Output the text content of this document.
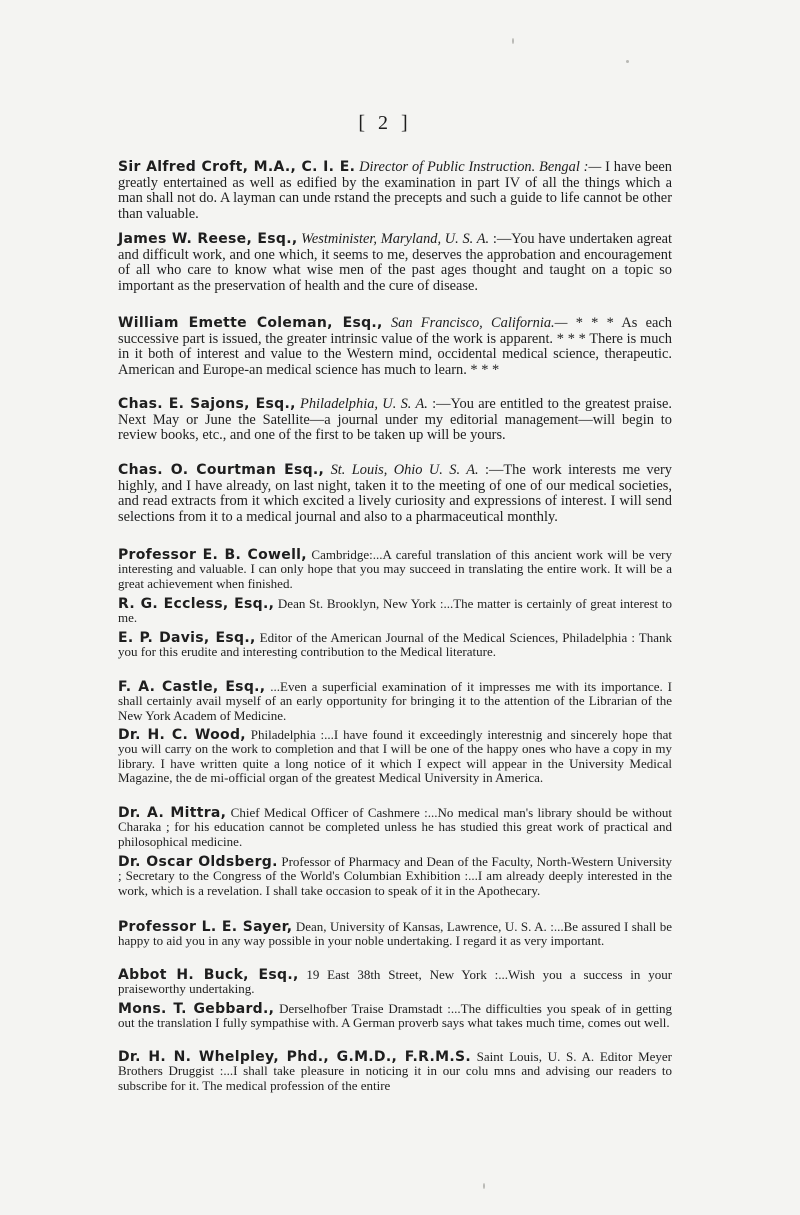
[ 2 ]
Sir Alfred Croft, M.A., C. I. E. Director of Public Instruction. Bengal :— I have been greatly entertained as well as edified by the examination in part IV of all the things which a man shall not do. A layman can unde rstand the precepts and such a guide to life cannot be other than valuable.
James W. Reese, Esq., Westminister, Maryland, U. S. A. :—You have undertaken agreat and difficult work, and one which, it seems to me, deserves the approbation and encouragement of all who care to know what wise men of the past ages thought and taught on a topic so important as the preservation of health and the cure of disease.
William Emette Coleman, Esq., San Francisco, California.— * * * As each successive part is issued, the greater intrinsic value of the work is apparent. * * * There is much in it both of interest and value to the Western mind, occidental medical science, therapeutic. American and Europe-an medical science has much to learn. * * *
Chas. E. Sajons, Esq., Philadelphia, U. S. A. :—You are entitled to the greatest praise. Next May or June the Satellite—a journal under my editorial management—will begin to review books, etc., and one of the first to be taken up will be yours.
Chas. O. Courtman Esq., St. Louis, Ohio U. S. A. :—The work interests me very highly, and I have already, on last night, taken it to the meeting of one of our medical societies, and read extracts from it which excited a lively curiosity and expressions of interest. I will send selections from it to a medical journal and also to a pharmaceutical monthly.
Professor E. B. Cowell, Cambridge:...A careful translation of this ancient work will be very interesting and valuable. I can only hope that you may succeed in translating the entire work. It will be a great achievement when finished.
R. G. Eccless, Esq., Dean St. Brooklyn, New York :...The matter is certainly of great interest to me.
E. P. Davis, Esq., Editor of the American Journal of the Medical Sciences, Philadelphia : Thank you for this erudite and interesting contribution to the Medical literature.
F. A. Castle, Esq., ...Even a superficial examination of it impresses me with its importance. I shall certainly avail myself of an early opportunity for bringing it to the attention of the Librarian of the New York Academ of Medicine.
Dr. H. C. Wood, Philadelphia :...I have found it exceedingly interestnig and sincerely hope that you will carry on the work to completion and that I will be one of the happy ones who have a copy in my library. I have written quite a long notice of it which I expect will appear in the University Medical Magazine, the de mi-official organ of the greatest Medical University in America.
Dr. A. Mittra, Chief Medical Officer of Cashmere :...No medical man's library should be without Charaka ; for his education cannot be completed unless he has studied this great work of practical and philosophical medicine.
Dr. Oscar Oldsberg. Professor of Pharmacy and Dean of the Faculty, North-Western University ; Secretary to the Congress of the World's Columbian Exhibition :...I am already deeply interested in the work, which is a revelation. I shall take occasion to speak of it in the Apothecary.
Professor L. E. Sayer, Dean, University of Kansas, Lawrence, U. S. A. :...Be assured I shall be happy to aid you in any way possible in your noble undertaking. I regard it as very important.
Abbot H. Buck, Esq., 19 East 38th Street, New York :...Wish you a success in your praiseworthy undertaking.
Mons. T. Gebbard., Derselhofber Traise Dramstadt :...The difficulties you speak of in getting out the translation I fully sympathise with. A German proverb says what takes much time, comes out well.
Dr. H. N. Whelpley, Phd., G.M.D., F.R.M.S. Saint Louis, U. S. A. Editor Meyer Brothers Druggist :...I shall take pleasure in noticing it in our colu mns and advising our readers to subscribe for it. The medical profession of the entire
